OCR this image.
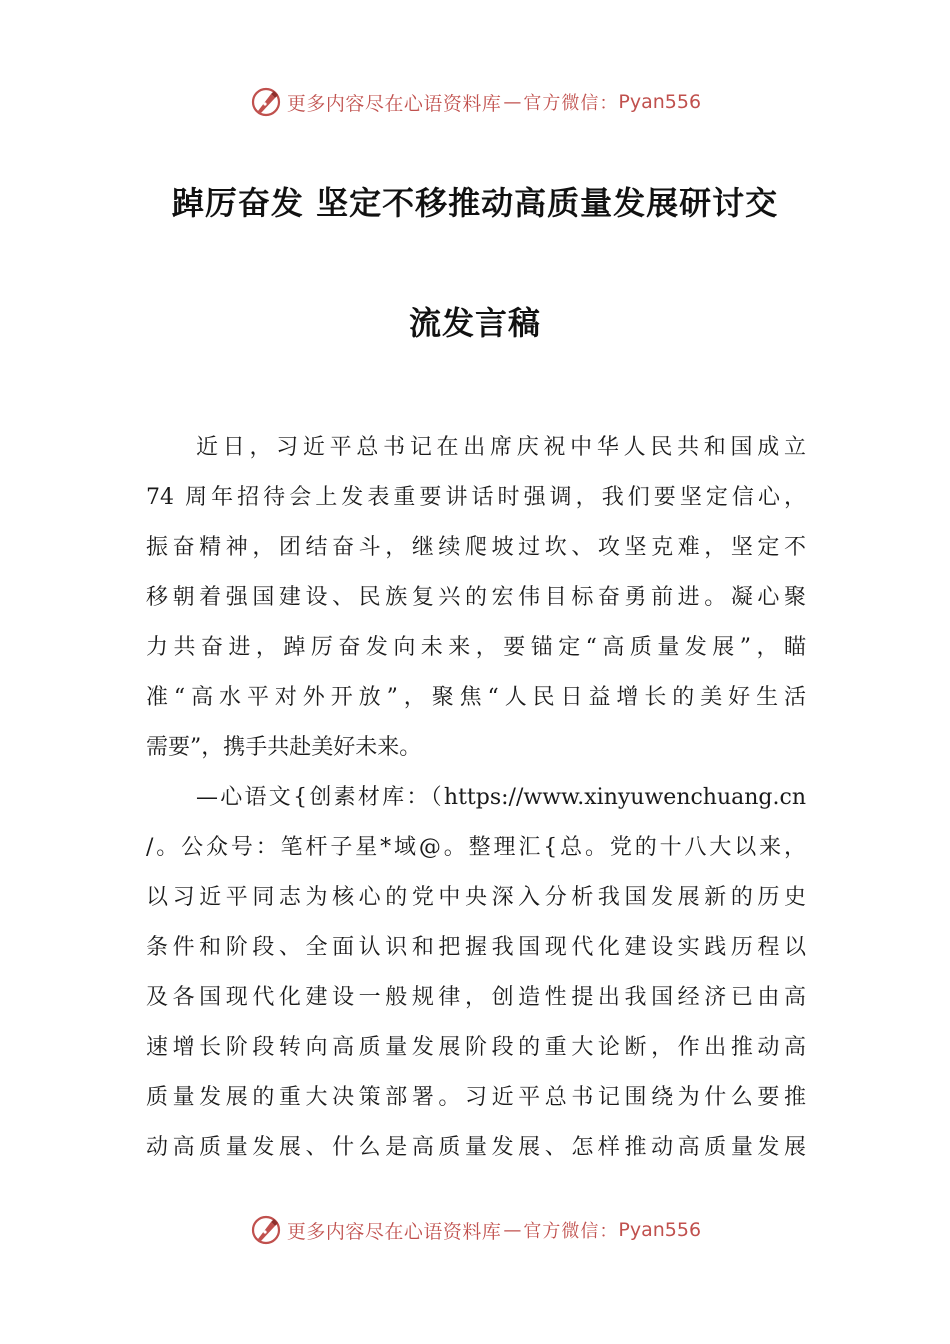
更多内容尽在心语资料库 — 官方微信： Pyan556
踔厉奋发 坚定不移推动高质量发展研讨交
流发言稿
近日，习近平总书记在出席庆祝中华人民共和国成立
74 周年招待会上发表重要讲话时强调，我们要坚定信心，
振奋精神，团结奋斗，继续爬坡过坎、攻坚克难，坚定不
移朝着强国建设、民族复兴的宏伟目标奋勇前进。凝心聚
力共奋进，踔厉奋发向未来，要锚定“高质量发展”，瞄
准“高水平对外开放”，聚焦“人民日益增长的美好生活
需要”，携手共赴美好未来。
—心语文{创素材库：（https://www.xinyuwenchuang.cn
/。公众号：笔杆子星*域@。整理汇{总。党的十八大以来，
以习近平同志为核心的党中央深入分析我国发展新的历史
条件和阶段、全面认识和把握我国现代化建设实践历程以
及各国现代化建设一般规律，创造性提出我国经济已由高
速增长阶段转向高质量发展阶段的重大论断，作出推动高
质量发展的重大决策部署。习近平总书记围绕为什么要推
动高质量发展、什么是高质量发展、怎样推动高质量发展
更多内容尽在心语资料库 — 官方微信： Pyan556
